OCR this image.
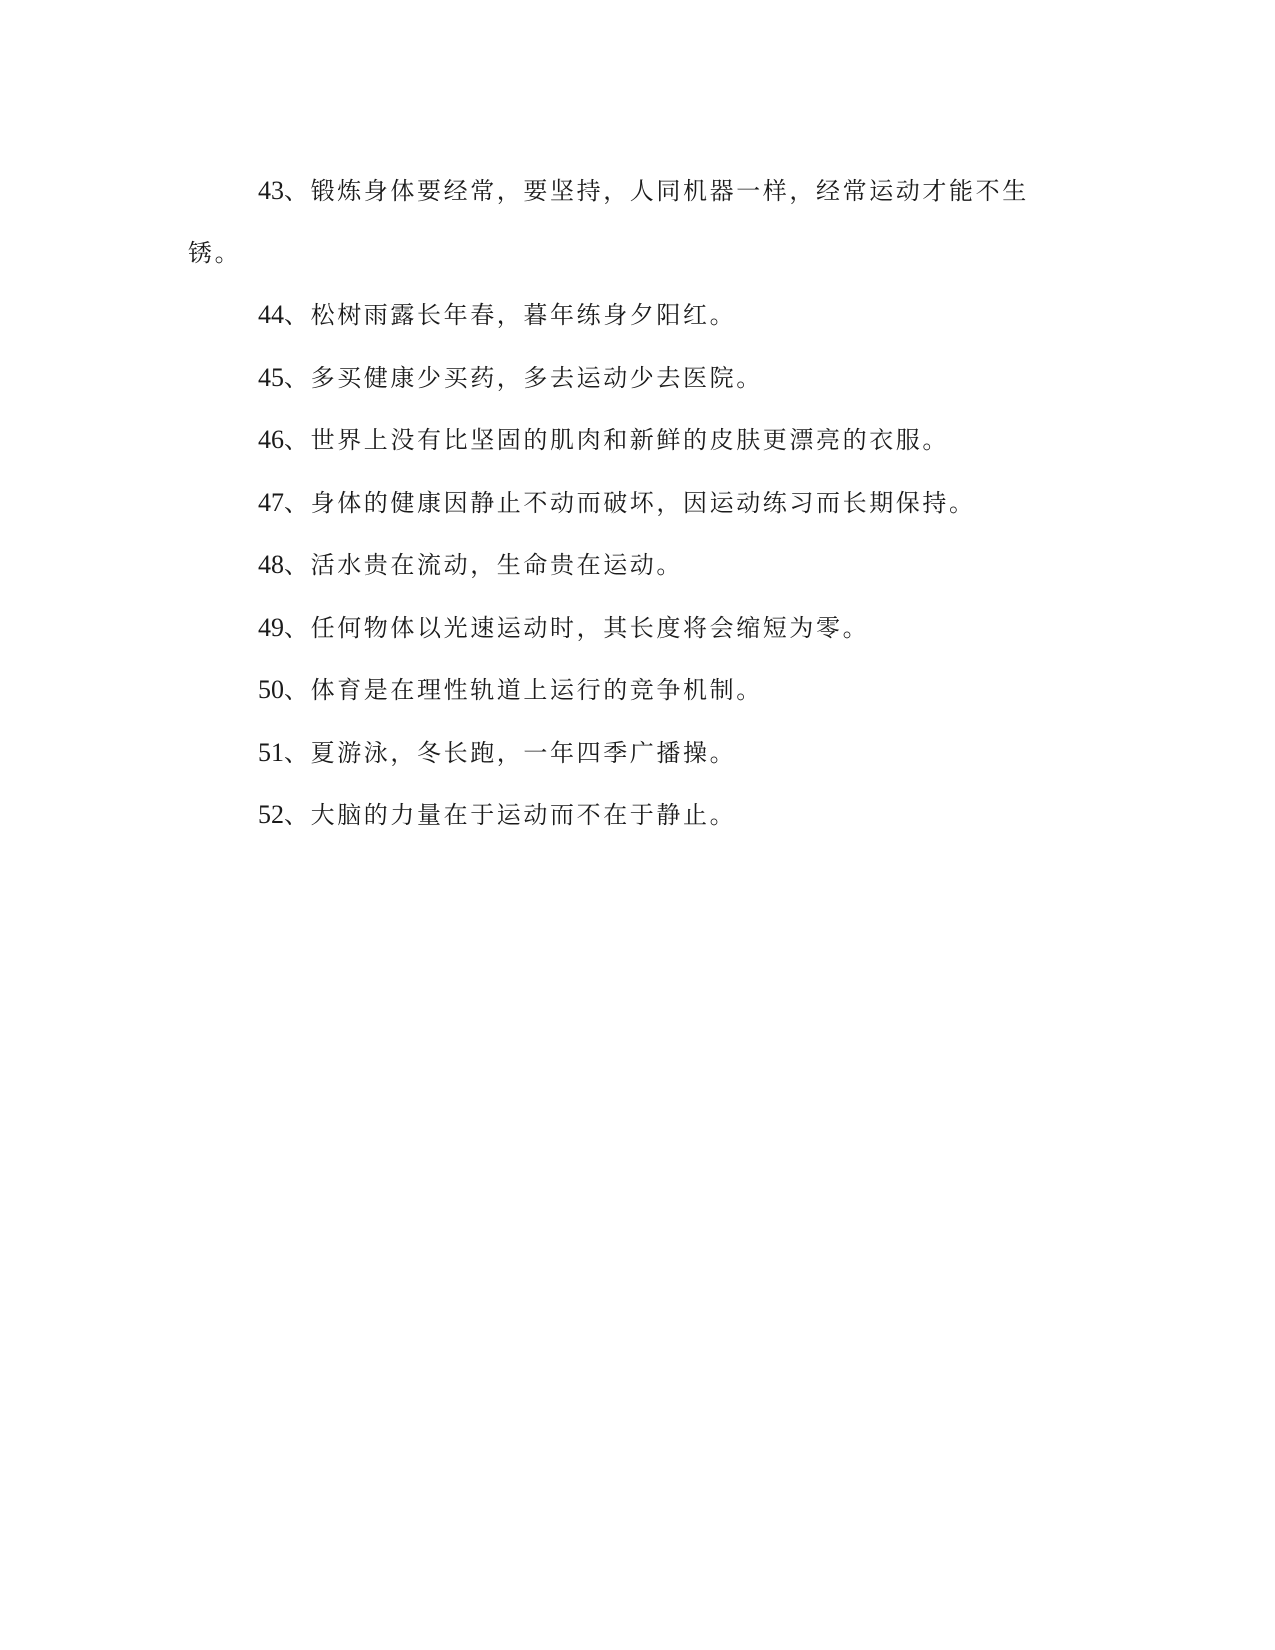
43、锻炼身体要经常，要坚持，人同机器一样，经常运动才能不生锈。

44、松树雨露长年春，暮年练身夕阳红。

45、多买健康少买药，多去运动少去医院。

46、世界上没有比坚固的肌肉和新鲜的皮肤更漂亮的衣服。

47、身体的健康因静止不动而破坏，因运动练习而长期保持。

48、活水贵在流动，生命贵在运动。

49、任何物体以光速运动时，其长度将会缩短为零。

50、体育是在理性轨道上运行的竞争机制。

51、夏游泳，冬长跑，一年四季广播操。

52、大脑的力量在于运动而不在于静止。
